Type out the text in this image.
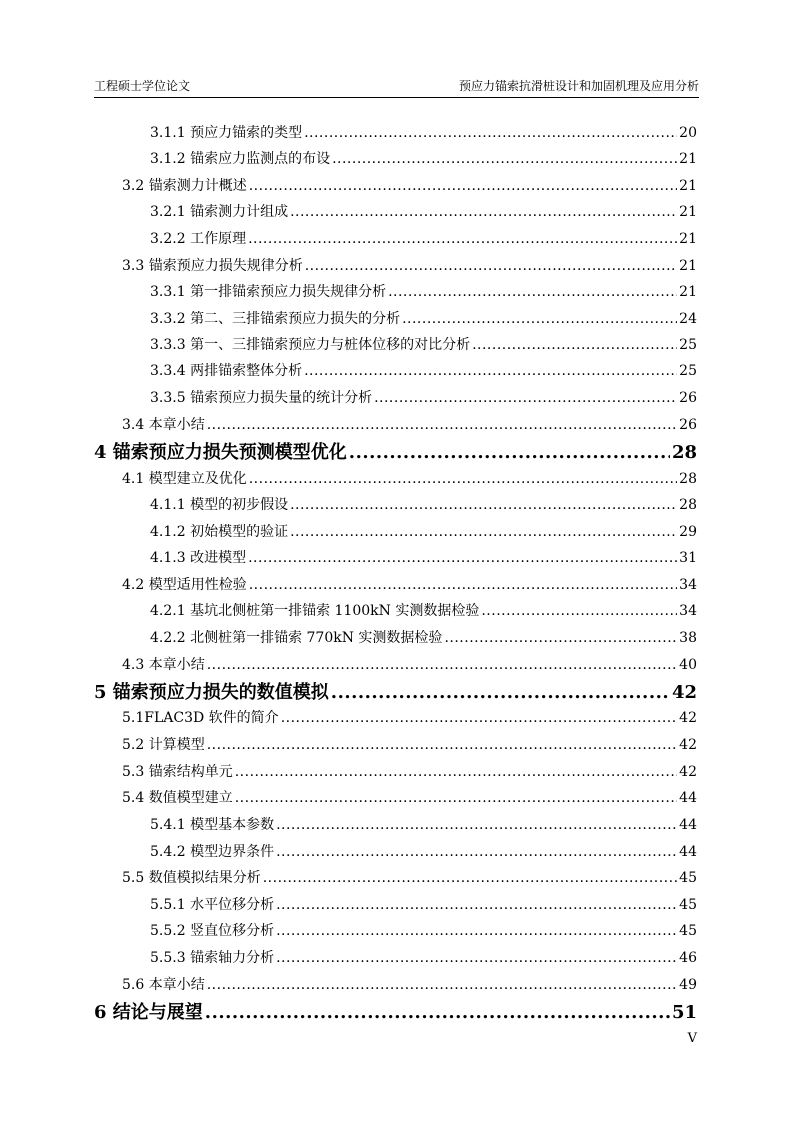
工程硕士学位论文	预应力锚索抗滑桩设计和加固机理及应用分析
3.1.1 预应力锚索的类型 .....	20
3.1.2 锚索应力监测点的布设 .....	21
3.2 锚索测力计概述 .....	21
3.2.1 锚索测力计组成 .....	21
3.2.2 工作原理 .....	21
3.3 锚索预应力损失规律分析 .....	21
3.3.1 第一排锚索预应力损失规律分析 .....	21
3.3.2 第二、三排锚索预应力损失的分析 .....	24
3.3.3 第一、三排锚索预应力与桩体位移的对比分析 .....	25
3.3.4 两排锚索整体分析 .....	25
3.3.5 锚索预应力损失量的统计分析 .....	26
3.4 本章小结 .....	26
4 锚索预应力损失预测模型优化 .....	28
4.1 模型建立及优化 .....	28
4.1.1 模型的初步假设 .....	28
4.1.2 初始模型的验证 .....	29
4.1.3 改进模型 .....	31
4.2 模型适用性检验 .....	34
4.2.1 基坑北侧桩第一排锚索 1100kN 实测数据检验 .....	34
4.2.2 北侧桩第一排锚索 770kN 实测数据检验 .....	38
4.3 本章小结 .....	40
5 锚索预应力损失的数值模拟 .....	42
5.1FLAC3D 软件的简介 .....	42
5.2 计算模型 .....	42
5.3 锚索结构单元 .....	42
5.4 数值模型建立 .....	44
5.4.1 模型基本参数 .....	44
5.4.2 模型边界条件 .....	44
5.5 数值模拟结果分析 .....	45
5.5.1 水平位移分析 .....	45
5.5.2 竖直位移分析 .....	45
5.5.3 锚索轴力分析 .....	46
5.6 本章小结 .....	49
6 结论与展望 .....	51
V
